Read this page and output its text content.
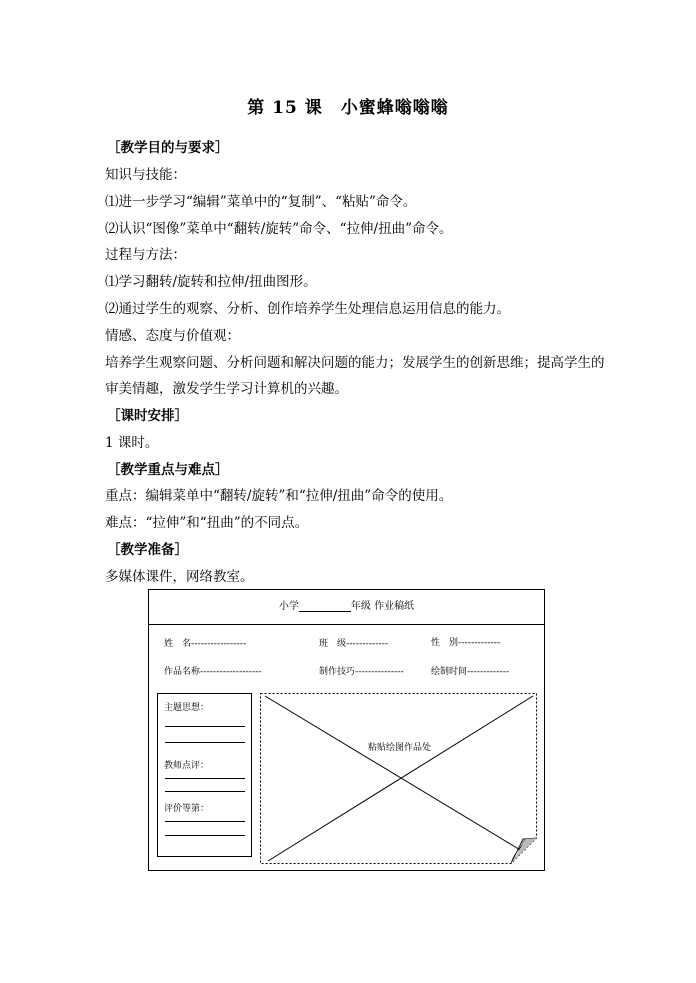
第 15 课　小蜜蜂嗡嗡嗡
［教学目的与要求］
知识与技能：
⑴进一步学习“编辑”菜单中的“复制”、“粘贴”命令。
⑵认识“图像”菜单中“翻转/旋转”命令、“拉伸/扭曲”命令。
过程与方法：
⑴学习翻转/旋转和拉伸/扭曲图形。
⑵通过学生的观察、分析、创作培养学生处理信息运用信息的能力。
情感、态度与价值观：
培养学生观察问题、分析问题和解决问题的能力；发展学生的创新思维；提高学生的
审美情趣，激发学生学习计算机的兴趣。
［课时安排］
1 课时。
［教学重点与难点］
重点：编辑菜单中“翻转/旋转”和“拉伸/扭曲”命令的使用。
难点：“拉伸”和“扭曲”的不同点。
［教学准备］
多媒体课件，网络教室。
小学	年级 作业稿纸
姓　名-----------------	班　级-------------	性　别-------------
作品名称-------------------	制作技巧---------------	绘制时间-------------
主题思想：
教师点评：
评价等第：
粘贴绘图作品处
